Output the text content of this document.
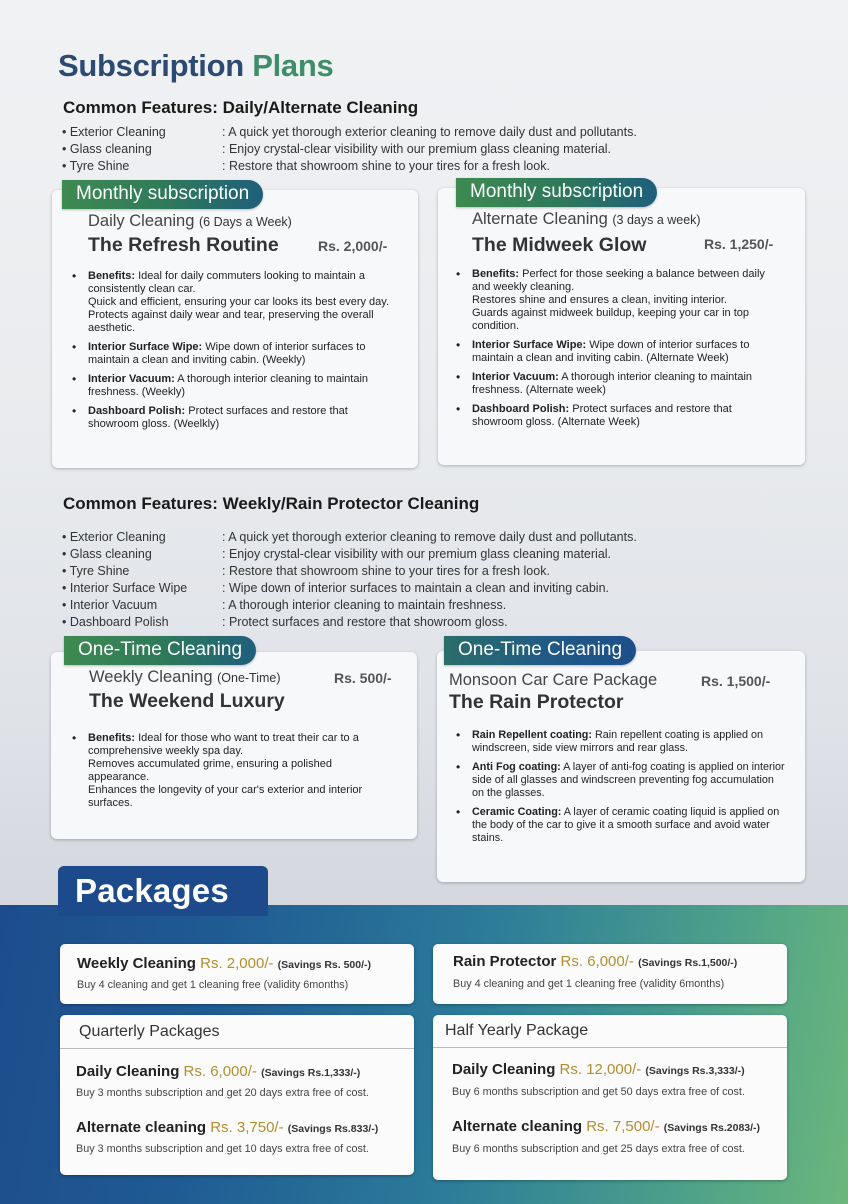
Subscription Plans
Common Features: Daily/Alternate Cleaning
• Exterior Cleaning	: A quick yet thorough exterior cleaning to remove daily dust and pollutants.
• Glass cleaning	: Enjoy crystal-clear visibility with our premium glass cleaning material.
• Tyre Shine	: Restore that showroom shine to your tires for a fresh look.
Daily Cleaning (6 Days a Week)
The Refresh Routine	Rs. 2,000/-
• Benefits: Ideal for daily commuters looking to maintain a consistently clean car.
Quick and efficient, ensuring your car looks its best every day. Protects against daily wear and tear, preserving the overall aesthetic.
• Interior Surface Wipe: Wipe down of interior surfaces to maintain a clean and inviting cabin. (Weekly)
• Interior Vacuum: A thorough interior cleaning to maintain freshness. (Weekly)
• Dashboard Polish: Protect surfaces and restore that showroom gloss. (Weelkly)
Monthly subscription
Alternate Cleaning (3 days a week)
The Midweek Glow	Rs. 1,250/-
• Benefits: Perfect for those seeking a balance between daily and weekly cleaning.
Restores shine and ensures a clean, inviting interior.
Guards against midweek buildup, keeping your car in top condition.
• Interior Surface Wipe: Wipe down of interior surfaces to maintain a clean and inviting cabin. (Alternate Week)
• Interior Vacuum: A thorough interior cleaning to maintain freshness. (Alternate week)
• Dashboard Polish: Protect surfaces and restore that showroom gloss. (Alternate Week)
Monthly subscription
Common Features: Weekly/Rain Protector Cleaning
• Exterior Cleaning	: A quick yet thorough exterior cleaning to remove daily dust and pollutants.
• Glass cleaning	: Enjoy crystal-clear visibility with our premium glass cleaning material.
• Tyre Shine	: Restore that showroom shine to your tires for a fresh look.
• Interior Surface Wipe	: Wipe down of interior surfaces to maintain a clean and inviting cabin.
• Interior Vacuum	: A thorough interior cleaning to maintain freshness.
• Dashboard Polish	: Protect surfaces and restore that showroom gloss.
Weekly Cleaning (One-Time)
The Weekend Luxury
Rs. 500/-
• Benefits: Ideal for those who want to treat their car to a comprehensive weekly spa day.
Removes accumulated grime, ensuring a polished appearance.
Enhances the longevity of your car's exterior and interior surfaces.
One-Time Cleaning
Monsoon Car Care Package
The Rain Protector
Rs. 1,500/-
• Rain Repellent coating: Rain repellent coating is applied on windscreen, side view mirrors and rear glass.
• Anti Fog coating: A layer of anti-fog coating is applied on interior side of all glasses and windscreen preventing fog accumulation on the glasses.
• Ceramic Coating: A layer of ceramic coating liquid is applied on the body of the car to give it a smooth surface and avoid water stains.
One-Time Cleaning
Packages
Weekly Cleaning Rs. 2,000/- (Savings Rs. 500/-)
Buy 4 cleaning and get 1 cleaning free (validity 6months)
Rain Protector Rs. 6,000/- (Savings Rs.1,500/-)
Buy 4 cleaning and get 1 cleaning free (validity 6months)
Quarterly Packages
Daily Cleaning Rs. 6,000/- (Savings Rs.1,333/-)
Buy 3 months subscription and get 20 days extra free of cost.
Alternate cleaning Rs. 3,750/- (Savings Rs.833/-)
Buy 3 months subscription and get 10 days extra free of cost.
Half Yearly Package
Daily Cleaning Rs. 12,000/- (Savings Rs.3,333/-)
Buy 6 months subscription and get 50 days extra free of cost.
Alternate cleaning Rs. 7,500/- (Savings Rs.2083/-)
Buy 6 months subscription and get 25 days extra free of cost.
